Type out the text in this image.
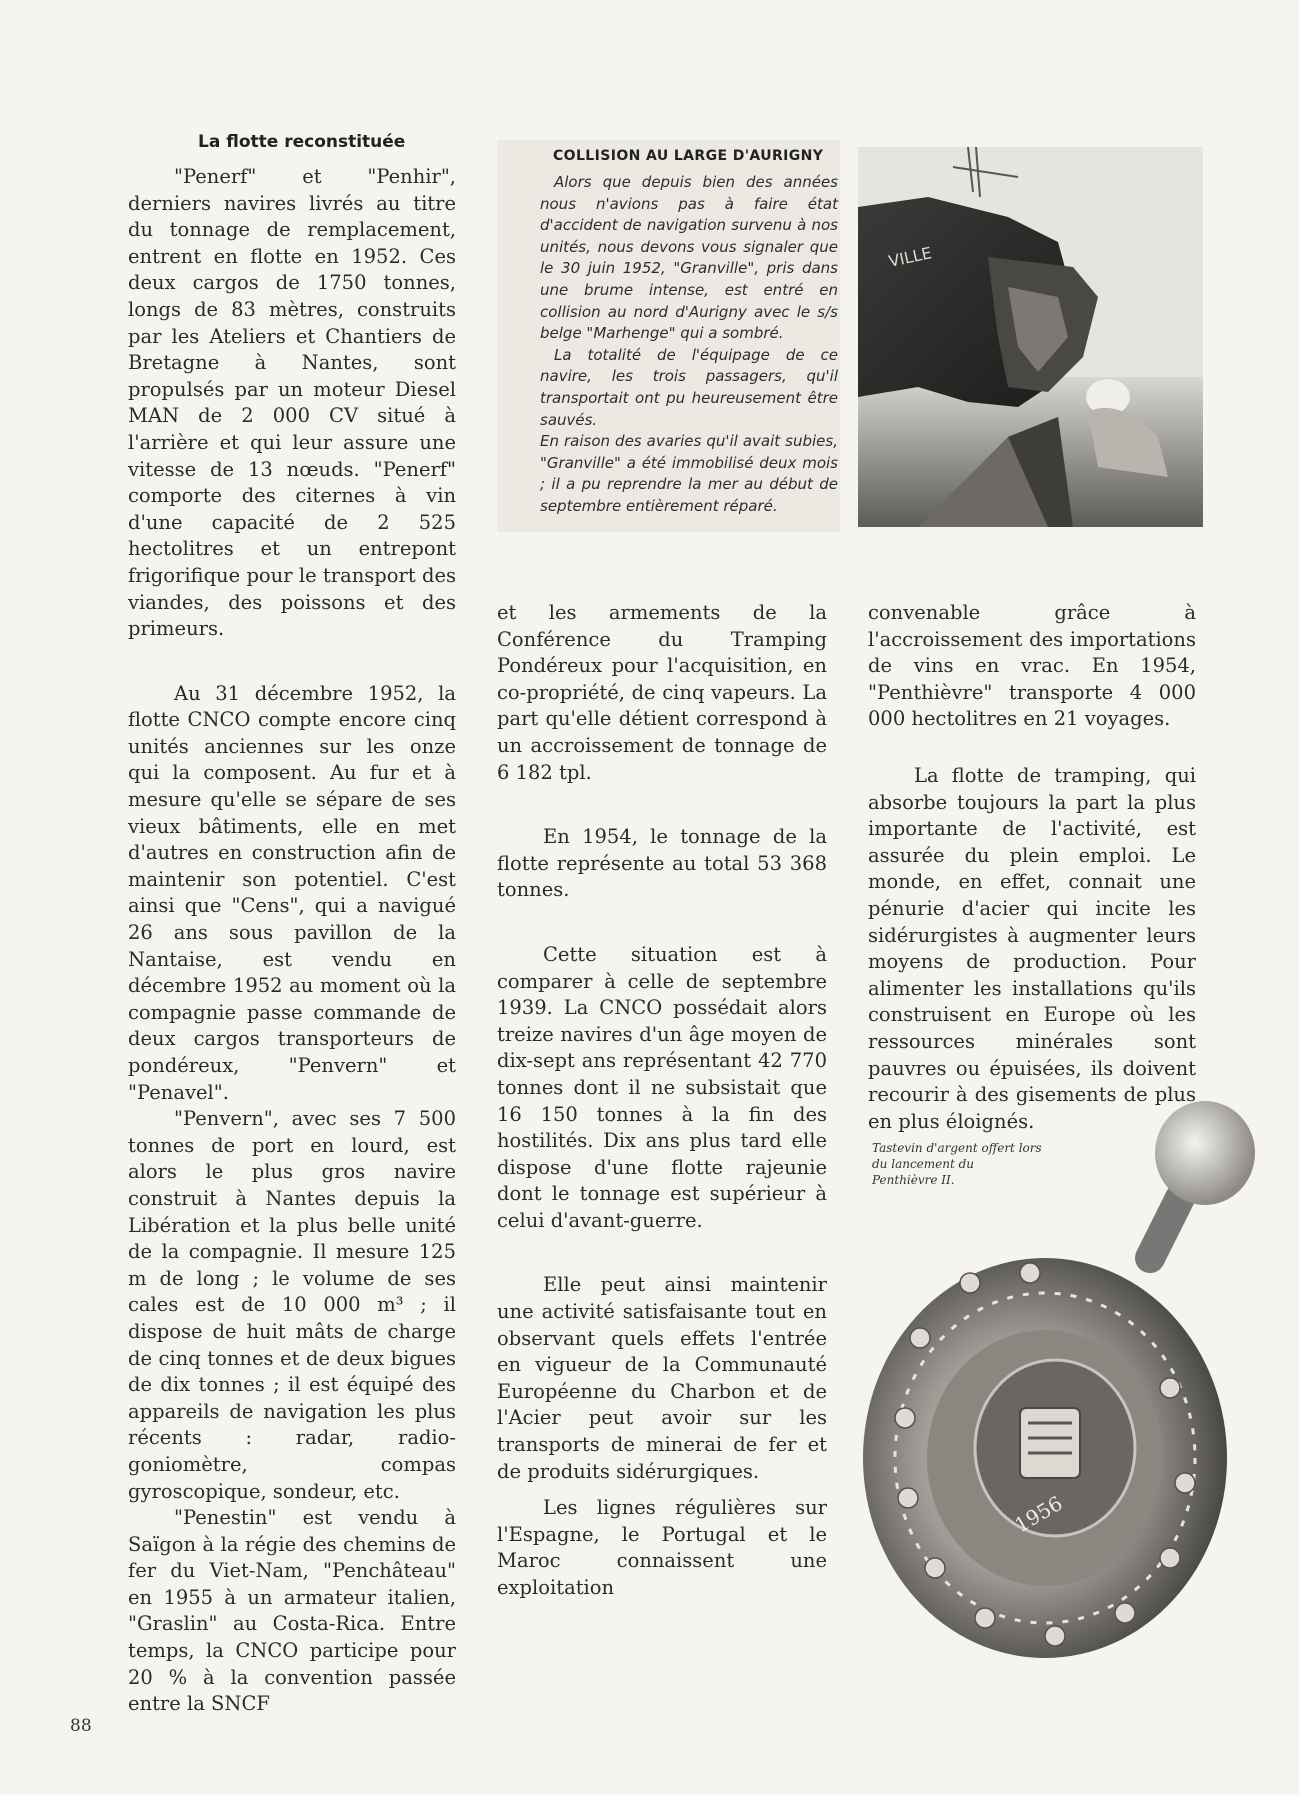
La flotte reconstituée

"Penerf" et "Penhir", derniers navires livrés au titre du tonnage de remplacement, entrent en flotte en 1952. Ces deux cargos de 1750 tonnes, longs de 83 mètres, construits par les Ateliers et Chantiers de Bretagne à Nantes, sont propulsés par un moteur Diesel MAN de 2 000 CV situé à l'arrière et qui leur assure une vitesse de 13 nœuds. "Penerf" comporte des citernes à vin d'une capacité de 2 525 hectolitres et un entrepont frigorifique pour le transport des viandes, des poissons et des primeurs.

Au 31 décembre 1952, la flotte CNCO compte encore cinq unités anciennes sur les onze qui la composent. Au fur et à mesure qu'elle se sépare de ses vieux bâtiments, elle en met d'autres en construction afin de maintenir son potentiel. C'est ainsi que "Cens", qui a navigué 26 ans sous pavillon de la Nantaise, est vendu en décembre 1952 au moment où la compagnie passe commande de deux cargos transporteurs de pondéreux, "Penvern" et "Penavel".

"Penvern", avec ses 7 500 tonnes de port en lourd, est alors le plus gros navire construit à Nantes depuis la Libération et la plus belle unité de la compagnie. Il mesure 125 m de long ; le volume de ses cales est de 10 000 m³ ; il dispose de huit mâts de charge de cinq tonnes et de deux bigues de dix tonnes ; il est équipé des appareils de navigation les plus récents : radar, radio-goniomètre, compas gyroscopique, sondeur, etc.

"Penestin" est vendu à Saïgon à la régie des chemins de fer du Viet-Nam, "Penchâteau" en 1955 à un armateur italien, "Graslin" au Costa-Rica. Entre temps, la CNCO participe pour 20 % à la convention passée entre la SNCF

COLLISION AU LARGE D'AURIGNY

Alors que depuis bien des années nous n'avions pas à faire état d'accident de navigation survenu à nos unités, nous devons vous signaler que le 30 juin 1952, "Granville", pris dans une brume intense, est entré en collision au nord d'Aurigny avec le s/s belge "Marhenge" qui a sombré.

La totalité de l'équipage de ce navire, les trois passagers, qu'il transportait ont pu heureusement être sauvés.

En raison des avaries qu'il avait subies, "Granville" a été immobilisé deux mois ; il a pu reprendre la mer au début de septembre entièrement réparé.

VILLE

et les armements de la Conférence du Tramping Pondéreux pour l'acquisition, en co-propriété, de cinq vapeurs. La part qu'elle détient correspond à un accroissement de tonnage de 6 182 tpl.

En 1954, le tonnage de la flotte représente au total 53 368 tonnes.

Cette situation est à comparer à celle de septembre 1939. La CNCO possédait alors treize navires d'un âge moyen de dix-sept ans représentant 42 770 tonnes dont il ne subsistait que 16 150 tonnes à la fin des hostilités. Dix ans plus tard elle dispose d'une flotte rajeunie dont le tonnage est supérieur à celui d'avant-guerre.

Elle peut ainsi maintenir une activité satisfaisante tout en observant quels effets l'entrée en vigueur de la Communauté Européenne du Charbon et de l'Acier peut avoir sur les transports de minerai de fer et de produits sidérurgiques.

Les lignes régulières sur l'Espagne, le Portugal et le Maroc connaissent une exploitation

convenable grâce à l'accroissement des importations de vins en vrac. En 1954, "Penthièvre" transporte 4 000 000 hectolitres en 21 voyages.

La flotte de tramping, qui absorbe toujours la part la plus importante de l'activité, est assurée du plein emploi. Le monde, en effet, connait une pénurie d'acier qui incite les sidérurgistes à augmenter leurs moyens de production. Pour alimenter les installations qu'ils construisent en Europe où les ressources minérales sont pauvres ou épuisées, ils doivent recourir à des gisements de plus en plus éloignés.

1956
Tastevin d'argent offert lors du lancement du Penthièvre II.
88
